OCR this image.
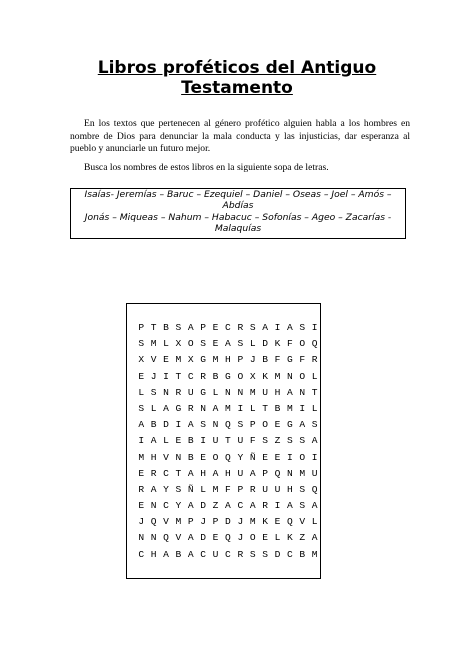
Libros proféticos del Antiguo
Testamento

En los textos que pertenecen al género profético alguien habla a los hombres en nombre de Dios para denunciar la mala conducta y las injusticias, dar esperanza al pueblo y anunciarle un futuro mejor.

Busca los nombres de estos libros en la siguiente sopa de letras.

Isaías- Jeremías – Baruc – Ezequiel – Daniel – Oseas – Joel – Amós –
Abdías
Jonás – Miqueas – Nahum – Habacuc – Sofonías – Ageo – Zacarías -
Malaquías
P T B S A P E C R S A I A S I
S M L X O S E A S L D K F O Q
X V E M X G M H P J B F G F R
E J I T C R B G O X K M N O L
L S N R U G L N N M U H A N T
S L A G R N A M I L T B M I L
A B D I A S N Q S P O E G A S
I A L E B I U T U F S Z S S A
M H V N B E O Q Y Ñ E E I O I
E R C T A H A H U A P Q N M U
R A Y S Ñ L M F P R U U H S Q
E N C Y A D Z A C A R I A S A
J Q V M P J P D J M K E Q V L
N N Q V A D E Q J O E L K Z A
C H A B A C U C R S S D C B M
